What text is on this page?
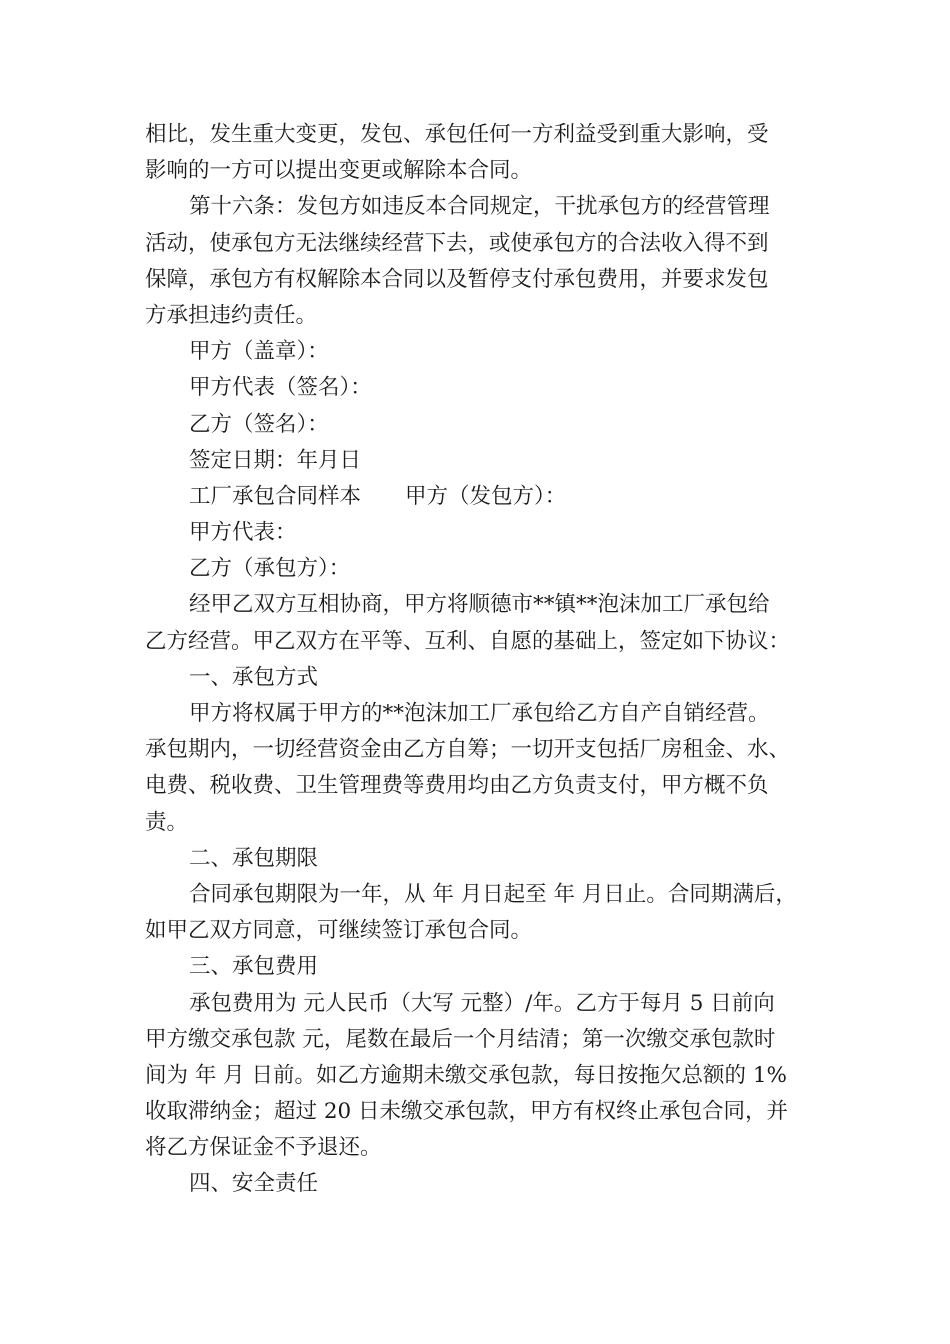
相比，发生重大变更，发包、承包任何一方利益受到重大影响，受
影响的一方可以提出变更或解除本合同。
第十六条：发包方如违反本合同规定，干扰承包方的经营管理
活动，使承包方无法继续经营下去，或使承包方的合法收入得不到
保障，承包方有权解除本合同以及暂停支付承包费用，并要求发包
方承担违约责任。
甲方（盖章）：
甲方代表（签名）：
乙方（签名）：
签定日期：年月日
工厂承包合同样本 甲方（发包方）：
甲方代表：
乙方（承包方）：
经甲乙双方互相协商，甲方将顺德市**镇**泡沫加工厂承包给
乙方经营。甲乙双方在平等、互利、自愿的基础上，签定如下协议：
一、承包方式
甲方将权属于甲方的**泡沫加工厂承包给乙方自产自销经营。
承包期内，一切经营资金由乙方自筹；一切开支包括厂房租金、水、
电费、税收费、卫生管理费等费用均由乙方负责支付，甲方概不负
责。
二、承包期限
合同承包期限为一年，从 年 月日起至 年 月日止。合同期满后，
如甲乙双方同意，可继续签订承包合同。
三、承包费用
承包费用为 元人民币（大写 元整）/年。乙方于每月 5 日前向
甲方缴交承包款 元，尾数在最后一个月结清；第一次缴交承包款时
间为 年 月 日前。如乙方逾期未缴交承包款，每日按拖欠总额的 1%
收取滞纳金；超过 20 日未缴交承包款，甲方有权终止承包合同，并
将乙方保证金不予退还。
四、安全责任
